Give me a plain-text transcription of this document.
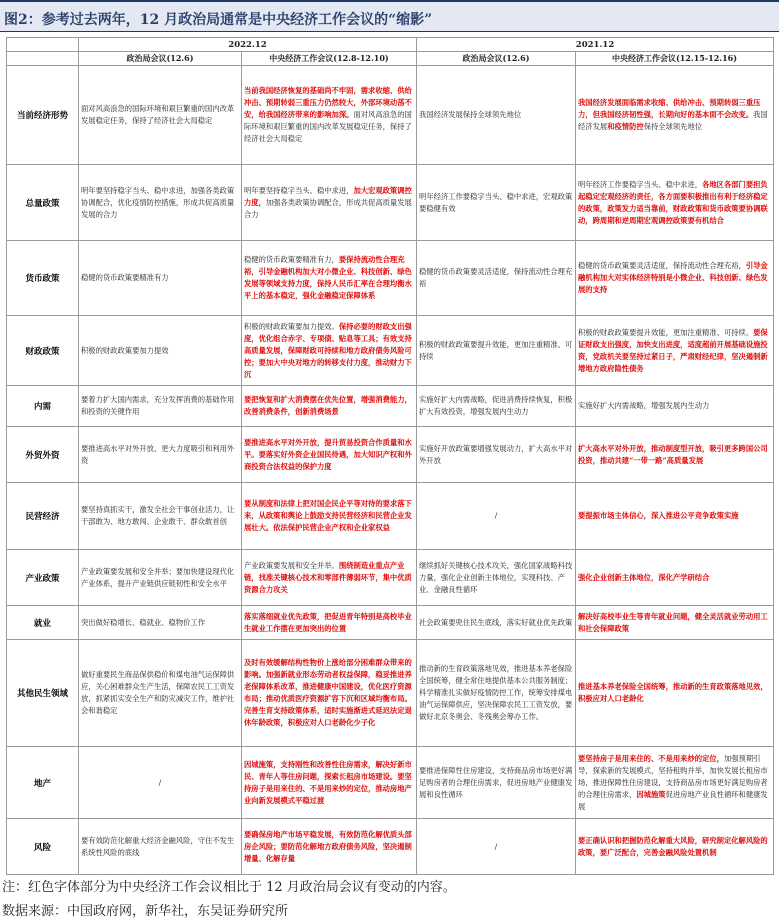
图2：参考过去两年，12 月政治局通常是中央经济工作会议的“缩影”
	2022.12		2021.12	
	政治局会议(12.6)	中央经济工作会议(12.8-12.10)	政治局会议(12.6)	中央经济工作会议(12.15-12.16)
当前经济形势	面对风高浪急的国际环境和艰巨繁重的国内改革发展稳定任务，保持了经济社会大局稳定	当前我国经济恢复的基础尚不牢固，需求收缩、供给冲击、预期转弱三重压力仍然较大，外部环境动荡不安，给我国经济带来的影响加深。面对风高浪急的国际环境和艰巨繁重的国内改革发展稳定任务，保持了经济社会大局稳定	我国经济发展保持全球领先地位	我国经济发展面临需求收缩、供给冲击、预期转弱三重压力，但我国经济韧性强，长期向好的基本面不会改变。我国经济发展和疫情防控保持全球领先地位
总量政策	明年要坚持稳字当头、稳中求进，加强各类政策协调配合，优化疫情防控措施，形成共促高质量发展的合力	明年要坚持稳字当头、稳中求进，加大宏观政策调控力度，加强各类政策协调配合，形成共促高质量发展合力	明年经济工作要稳字当头、稳中求进，宏观政策要稳健有效	明年经济工作要稳字当头、稳中求进，各地区各部门要担负起稳定宏观经济的责任，各方面要积极推出有利于经济稳定的政策，政策发力适当靠前，财政政策和货币政策要协调联动，跨周期和逆周期宏观调控政策要有机结合
货币政策	稳健的货币政策要精准有力	稳健的货币政策要精准有力，要保持流动性合理充裕，引导金融机构加大对小微企业、科技创新、绿色发展等领域支持力度，保持人民币汇率在合理均衡水平上的基本稳定，强化金融稳定保障体系	稳健的货币政策要灵活适度，保持流动性合理充裕	稳健的货币政策要灵活适度，保持流动性合理充裕，引导金融机构加大对实体经济特别是小微企业、科技创新、绿色发展的支持
财政政策	积极的财政政策要加力提效	积极的财政政策要加力提效。保持必要的财政支出强度，优化组合赤字、专项债、贴息等工具；有效支持高质量发展，保障财政可持续和地方政府债务风险可控；要加大中央对地方的转移支付力度，推动财力下沉	积极的财政政策要提升效能，更加注重精准、可持续	积极的财政政策要提升效能，更加注重精准、可持续。要保证财政支出强度，加快支出进度，适度超前开展基础设施投资，党政机关要坚持过紧日子，严肃财经纪律，坚决遏制新增地方政府隐性债务
内需	要着力扩大国内需求，充分发挥消费的基础作用和投资的关键作用	要把恢复和扩大消费摆在优先位置，增强消费能力，改善消费条件，创新消费场景	实施好扩大内需战略，促进消费持续恢复，积极扩大有效投资，增强发展内生动力	实施好扩大内需战略，增强发展内生动力
外贸外资	要推进高水平对外开放、更大力度吸引和利用外资	要推进高水平对外开放，提升贸易投资合作质量和水平。要落实好外资企业国民待遇，加大知识产权和外商投资合法权益的保护力度	实施好开放政策要增强发展动力，扩大高水平对外开放	扩大高水平对外开放，推动制度型开放，吸引更多跨国公司投资，推动共建“一带一路”高质量发展
民营经济	要坚持真抓实干，激发全社会干事创业活力，让干部敢为、地方敢闯、企业敢干、群众敢首创	要从制度和法律上把对国企民企平等对待的要求落下来，从政策和舆论上鼓励支持民营经济和民营企业发展壮大。依法保护民营企业产权和企业家权益	/	要提振市场主体信心，深入推进公平竞争政策实施
产业政策	产业政策要发展和安全并举；要加快建设现代化产业体系，提升产业链供应链韧性和安全水平	产业政策要发展和安全并举。围绕制造业重点产业链，找准关键核心技术和零部件薄弱环节，集中优质资源合力攻关	继续抓好关键核心技术攻关，强化国家战略科技力量，强化企业创新主体地位，实现科技、产业、金融良性循环	强化企业创新主体地位，深化产学研结合
就业	突出做好稳增长、稳就业、稳物价工作	落实落细就业优先政策，把促进青年特别是高校毕业生就业工作摆在更加突出的位置	社会政策要兜住民生底线，落实好就业优先政策	解决好高校毕业生等青年就业问题，健全灵活就业劳动用工和社会保障政策
其他民生领域	做好重要民生商品保供稳价和煤电油气运保障供应，关心困难群众生产生活，保障农民工工资发放，抓紧抓实安全生产和防灾减灾工作，维护社会和谐稳定	及时有效缓解结构性物价上涨给部分困难群众带来的影响。加强新就业形态劳动者权益保障，稳妥推进养老保障体系改革，推进健康中国建设，优化医疗资源布局；推动优质医疗资源扩容下沉和区域均衡布局。完善生育支持政策体系，适时实施渐进式延迟法定退休年龄政策，积极应对人口老龄化少子化	推动新的生育政策落地见效，推进基本养老保险全国统筹，健全常住地提供基本公共服务制度；科学精准扎实做好疫情防控工作，统筹安排煤电油气运保障供应，坚决保障农民工工资发放，要做好北京冬奥会、冬残奥会筹办工作。	推进基本养老保险全国统筹，推动新的生育政策落地见效，积极应对人口老龄化
地产	/	因城施策，支持刚性和改善性住房需求，解决好新市民、青年人等住房问题，探索长租房市场建设。要坚持房子是用来住的、不是用来炒的定位，推动房地产业向新发展模式平稳过渡	要推进保障性住房建设，支持商品房市场更好满足购房者的合理住房需求，促进房地产业健康发展和良性循环	要坚持房子是用来住的、不是用来炒的定位，加强预期引导，探索新的发展模式，坚持租购并举，加快发展长租房市场，推进保障性住房建设，支持商品房市场更好满足购房者的合理住房需求，因城施策促进房地产业良性循环和健康发展
风险	要有效防范化解重大经济金融风险，守住不发生系统性风险的底线	要确保房地产市场平稳发展，有效防范化解优质头部房企风险；要防范化解地方政府债务风险，坚决遏制增量、化解存量	/	要正确认识和把握防范化解重大风险，研究制定化解风险的政策，要广泛配合，完善金融风险处置机制
注：红色字体部分为中央经济工作会议相比于 12 月政治局会议有变动的内容。
数据来源：中国政府网，新华社，东吴证券研究所
